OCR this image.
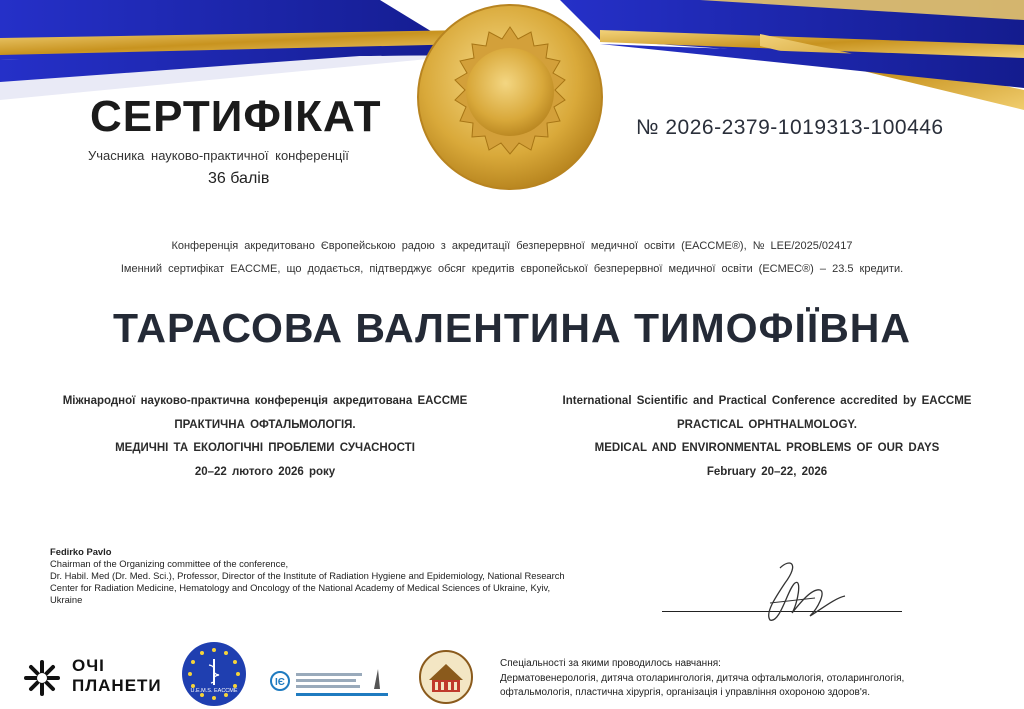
СЕРТИФІКАТ
Учасника науково-практичної конференції
36 балів
№ 2026-2379-1019313-100446
Конференція акредитовано Європейською радою з акредитації безперервної медичної освіти (EACCME®), № LEE/2025/02417
Іменний сертифікат EACCME, що додається, підтверджує обсяг кредитів європейської безперервної медичної освіти (ECMEC®) – 23.5 кредити.
ТАРАСОВА ВАЛЕНТИНА ТИМОФІЇВНА
Міжнародної науково-практична конференція акредитована EACCME
ПРАКТИЧНА ОФТАЛЬМОЛОГІЯ.
МЕДИЧНІ ТА ЕКОЛОГІЧНІ ПРОБЛЕМИ СУЧАСНОСТІ
20–22 лютого 2026 року
International Scientific and Practical Conference accredited by EACCME
PRACTICAL OPHTHALMOLOGY.
MEDICAL AND ENVIRONMENTAL PROBLEMS OF OUR DAYS
February 20–22, 2026
Fedirko Pavlo
Chairman of the Organizing committee of the conference,
Dr. Habil. Med (Dr. Med. Sci.), Professor, Director of the Institute of Radiation Hygiene and Epidemiology, National Research
Center for Radiation Medicine, Hematology and Oncology of the National Academy of Medical Sciences of Ukraine, Kyiv,
Ukraine
ОЧІ
ПЛАНЕТИ	U.E.M.S. EACCME
ІЄ
Спеціальності за якими проводилось навчання:
Дерматовенерологія, дитяча отоларингологія, дитяча офтальмологія, отоларингологія,
офтальмологія, пластична хірургія, організація і управління охороною здоров'я.
